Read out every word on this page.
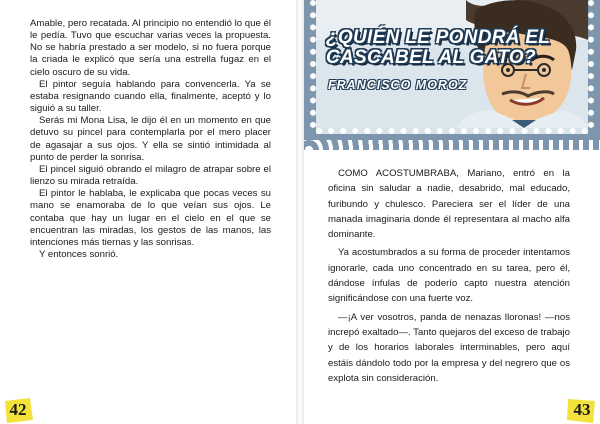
Amable, pero recatada. Al principio no entendió lo que él le pedía. Tuvo que escuchar varias veces la propuesta. No se habría prestado a ser modelo, si no fuera porque la criada le explicó que sería una estrella fugaz en el cielo oscuro de su vida.

El pintor seguía hablando para convencerla. Ya se estaba resignando cuando ella, finalmente, aceptó y lo siguió a su taller.

Serás mi Mona Lisa, le dijo él en un momento en que detuvo su pincel para contemplarla por el mero placer de agasajar a sus ojos. Y ella se sintió intimidada al punto de perder la sonrisa.

El pincel siguió obrando el milagro de atrapar sobre el lienzo su mirada retraída.

El pintor le hablaba, le explicaba que pocas veces su mano se enamoraba de lo que veían sus ojos. Le contaba que hay un lugar en el cielo en el que se encuentran las miradas, los gestos de las manos, las intenciones más tiernas y las sonrisas.

Y entonces sonrió.

¿QUIÉN LE PONDRÁ EL
CASCABEL AL GATO?
FRANCISCO MOROZ

COMO ACOSTUMBRABA, Mariano, entró en la oficina sin saludar a nadie, desabrido, mal educado, furibundo y chulesco. Pareciera ser el líder de una manada imaginaria donde él representara al macho alfa dominante.

Ya acostumbrados a su forma de proceder intentamos ignorarle, cada uno concentrado en su tarea, pero él, dándose ínfulas de poderío capto nuestra atención significándose con una fuerte voz.

—¡A ver vosotros, panda de nenazas lloronas! —nos increpó exaltado—. Tanto quejaros del exceso de trabajo y de los horarios laborales interminables, pero aquí estáis dándolo todo por la empresa y del negrero que os explota sin consideración.

42	43
